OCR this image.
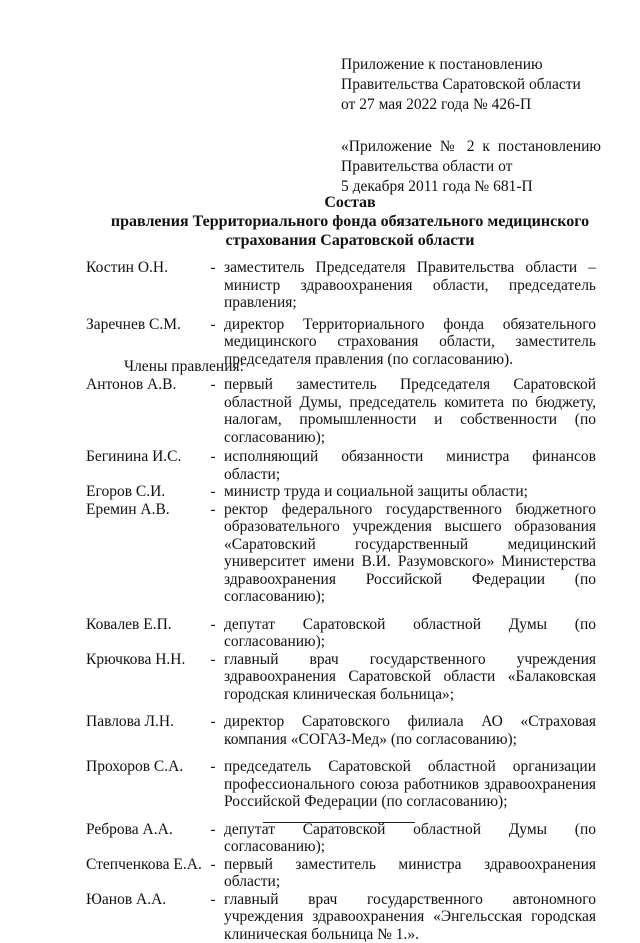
Приложение к постановлению
Правительства Саратовской области
от 27 мая 2022 года № 426-П
«Приложение № 2 к постановлению
Правительства области от
5 декабря 2011 года № 681-П
Состав
правления Территориального фонда обязательного медицинского
страхования Саратовской области
Костин О.Н.	- заместитель Председателя Правительства области – министр здравоохранения области, председатель правления;
Заречнев С.М.	- директор Территориального фонда обязательного медицинского страхования области, заместитель председателя правления (по согласованию).
Члены правления:
Антонов А.В.	- первый заместитель Председателя Саратовской областной Думы, председатель комитета по бюджету, налогам, промышленности и собственности (по согласованию);
Бегинина И.С.	- исполняющий обязанности министра финансов области;
Егоров С.И.	- министр труда и социальной защиты области;
Еремин А.В.	- ректор федерального государственного бюджетного образовательного учреждения высшего образования «Саратовский государственный медицинский университет имени В.И. Разумовского» Министерства здравоохранения Российской Федерации (по согласованию);
Ковалев Е.П.	- депутат Саратовской областной Думы (по согласованию);
Крючкова Н.Н.	- главный врач государственного учреждения здравоохранения Саратовской области «Балаковская городская клиническая больница»;
Павлова Л.Н.	- директор Саратовского филиала АО «Страховая компания «СОГАЗ-Мед» (по согласованию);
Прохоров С.А.	- председатель Саратовской областной организации профессионального союза работников здравоохранения Российской Федерации (по согласованию);
Реброва А.А.	- депутат Саратовской областной Думы (по согласованию);
Степченкова Е.А. - первый заместитель министра здравоохранения области;
Юанов А.А.	- главный врач государственного автономного учреждения здравоохранения «Энгельсская городская клиническая больница № 1.».
